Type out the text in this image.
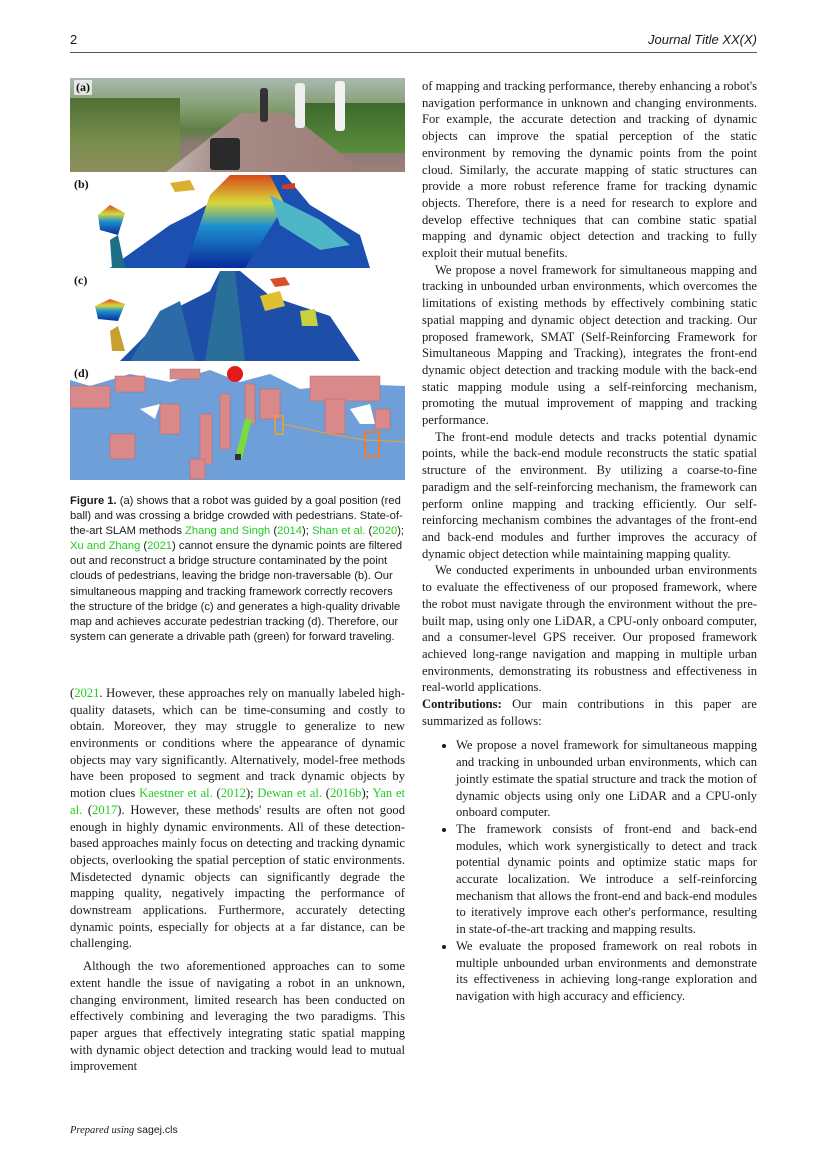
2	Journal Title XX(X)
(a)
(b)
(c)
(d)
Figure 1. (a) shows that a robot was guided by a goal position (red ball) and was crossing a bridge crowded with pedestrians. State-of-the-art SLAM methods Zhang and Singh (2014); Shan et al. (2020); Xu and Zhang (2021) cannot ensure the dynamic points are filtered out and reconstruct a bridge structure contaminated by the point clouds of pedestrians, leaving the bridge non-traversable (b). Our simultaneous mapping and tracking framework correctly recovers the structure of the bridge (c) and generates a high-quality drivable map and achieves accurate pedestrian tracking (d). Therefore, our system can generate a drivable path (green) for forward traveling.

(2021. However, these approaches rely on manually labeled high-quality datasets, which can be time-consuming and costly to obtain. Moreover, they may struggle to generalize to new environments or conditions where the appearance of dynamic objects may vary significantly. Alternatively, model-free methods have been proposed to segment and track dynamic objects by motion clues Kaestner et al. (2012); Dewan et al. (2016b); Yan et al. (2017). However, these methods' results are often not good enough in highly dynamic environments. All of these detection-based approaches mainly focus on detecting and tracking dynamic objects, overlooking the spatial perception of static environments. Misdetected dynamic objects can significantly degrade the mapping quality, negatively impacting the performance of downstream applications. Furthermore, accurately detecting dynamic points, especially for objects at a far distance, can be challenging.

Although the two aforementioned approaches can to some extent handle the issue of navigating a robot in an unknown, changing environment, limited research has been conducted on effectively combining and leveraging the two paradigms. This paper argues that effectively integrating static spatial mapping with dynamic object detection and tracking would lead to mutual improvement

of mapping and tracking performance, thereby enhancing a robot's navigation performance in unknown and changing environments. For example, the accurate detection and tracking of dynamic objects can improve the spatial perception of the static environment by removing the dynamic points from the point cloud. Similarly, the accurate mapping of static structures can provide a more robust reference frame for tracking dynamic objects. Therefore, there is a need for research to explore and develop effective techniques that can combine static spatial mapping and dynamic object detection and tracking to fully exploit their mutual benefits.

We propose a novel framework for simultaneous mapping and tracking in unbounded urban environments, which overcomes the limitations of existing methods by effectively combining static spatial mapping and dynamic object detection and tracking. Our proposed framework, SMAT (Self-Reinforcing Framework for Simultaneous Mapping and Tracking), integrates the front-end dynamic object detection and tracking module with the back-end static mapping module using a self-reinforcing mechanism, promoting the mutual improvement of mapping and tracking performance.

The front-end module detects and tracks potential dynamic points, while the back-end module reconstructs the static spatial structure of the environment. By utilizing a coarse-to-fine paradigm and the self-reinforcing mechanism, the framework can perform online mapping and tracking efficiently. Our self-reinforcing mechanism combines the advantages of the front-end and back-end modules and further improves the accuracy of dynamic object detection while maintaining mapping quality.

We conducted experiments in unbounded urban environments to evaluate the effectiveness of our proposed framework, where the robot must navigate through the environment without the pre-built map, using only one LiDAR, a CPU-only onboard computer, and a consumer-level GPS receiver. Our proposed framework achieved long-range navigation and mapping in multiple urban environments, demonstrating its robustness and effectiveness in real-world applications.

Contributions: Our main contributions in this paper are summarized as follows:

• We propose a novel framework for simultaneous mapping and tracking in unbounded urban environments, which can jointly estimate the spatial structure and track the motion of dynamic objects using only one LiDAR and a CPU-only onboard computer.
• The framework consists of front-end and back-end modules, which work synergistically to detect and track potential dynamic points and optimize static maps for accurate localization. We introduce a self-reinforcing mechanism that allows the front-end and back-end modules to iteratively improve each other's performance, resulting in state-of-the-art tracking and mapping results.
• We evaluate the proposed framework on real robots in multiple unbounded urban environments and demonstrate its effectiveness in achieving long-range exploration and navigation with high accuracy and efficiency.
Prepared using sagej.cls
